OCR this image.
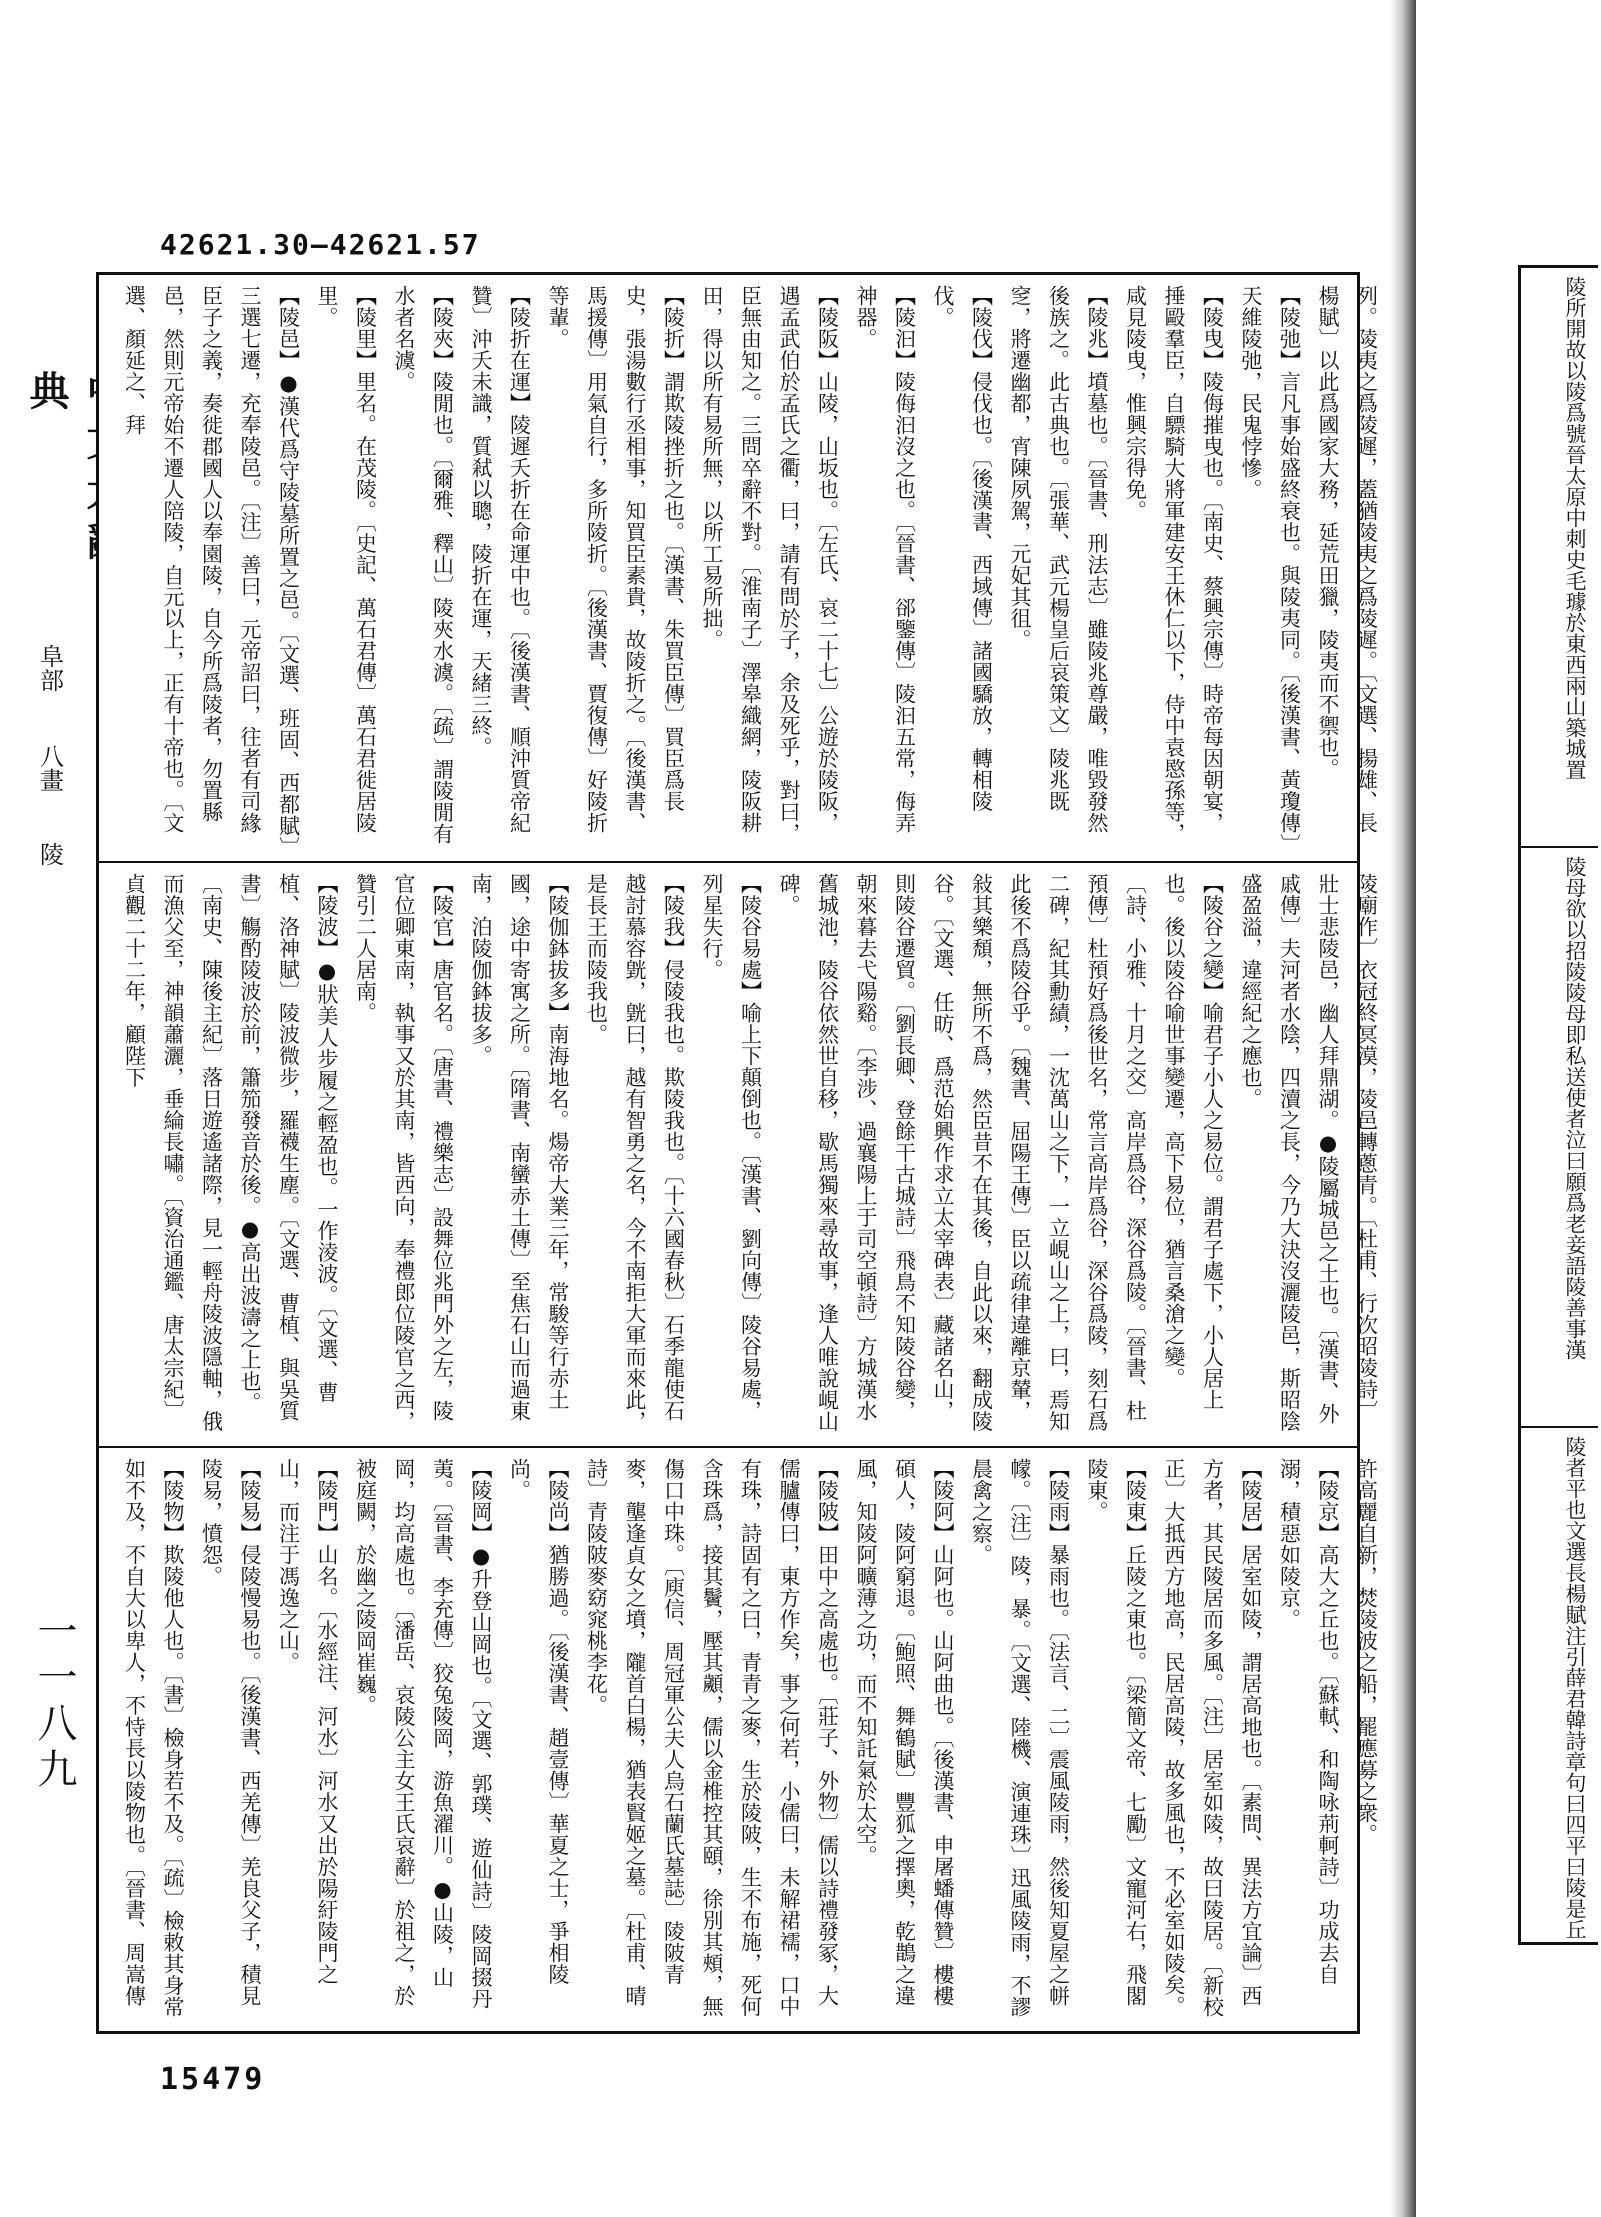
42621.30—42621.57
典
阜部
八畫
陵
一一八九
列。陵夷之爲陵遲，蓋猶陵夷之爲陵遲。〔文選、揚雄、長楊賦〕以此爲國家大務，延荒田獵，陵夷而不禦也。
【陵弛】言凡事始盛終衰也。與陵夷同。〔後漢書、黃瓊傳〕天維陵弛，民鬼悖慘。
【陵曳】陵侮摧曳也。〔南史、蔡興宗傳〕時帝每因朝宴，捶毆羣臣，自驃騎大將軍建安王休仁以下，侍中袁愍孫等，咸見陵曳，惟興宗得免。
【陵兆】墳墓也。〔晉書、刑法志〕雖陵兆尊嚴，唯毀發然後族之。此古典也。〔張華、武元楊皇后哀策文〕陵兆既窆，將遷幽都，宵陳夙駕，元妃其徂。
【陵伐】侵伐也。〔後漢書、西域傳〕諸國驕放，轉相陵伐。
【陵汩】陵侮汩沒之也。〔晉書、郤鑒傳〕陵汩五常，侮弄神器。
【陵阪】山陵，山坂也。〔左氏、哀二十七〕公遊於陵阪，遇孟武伯於孟氏之衢，曰，請有問於子，余及死乎，對曰，臣無由知之。三問卒辭不對。〔淮南子〕澤皋織網，陵阪耕田，得以所有易所無，以所工易所拙。
【陵折】謂欺陵挫折之也。〔漢書、朱買臣傳〕買臣爲長史，張湯數行丞相事，知買臣素貴，故陵折之。〔後漢書、馬援傳〕用氣自行，多所陵折。〔後漢書、賈復傳〕好陵折等輩。
【陵折在運】陵遲夭折在命運中也。〔後漢書、順沖質帝紀贊〕沖夭未識，質弒以聰，陵折在運，天緒三終。
【陵夾】陵閒也。〔爾雅、釋山〕陵夾水澞。〔疏〕謂陵閒有水者名澞。
【陵里】里名。在茂陵。〔史記、萬石君傳〕萬石君徙居陵里。
【陵邑】●漢代爲守陵墓所置之邑。〔文選、班固、西都賦〕三選七遷，充奉陵邑。〔注〕善曰，元帝詔曰，往者有司緣臣子之義，奏徙郡國人以奉園陵，自今所爲陵者，勿置縣邑，然則元帝始不遷人陪陵，自元以上，正有十帝也。〔文選、顏延之、拜
陵廟作〕衣冠終冥漠，陵邑轉蔥青。〔杜甫、行次昭陵詩〕壯士悲陵邑，幽人拜鼎湖。●陵屬城邑之土也。〔漢書、外戚傳〕夫河者水陰，四瀆之長，今乃大決沒灑陵邑，斯昭陰盛盈溢，違經紀之應也。
【陵谷之變】喻君子小人之易位。謂君子處下，小人居上也。後以陵谷喻世事變遷，高下易位，猶言桑滄之變。〔詩、小雅、十月之交〕高岸爲谷，深谷爲陵。〔晉書、杜預傳〕杜預好爲後世名，常言高岸爲谷，深谷爲陵，刻石爲二碑，紀其勳績，一沈萬山之下，一立峴山之上，曰，焉知此後不爲陵谷乎。〔魏書、屈陽王傳〕臣以疏律違離京輦，敍其樂頹，無所不爲，然臣昔不在其後，自此以來，翻成陵谷。〔文選、任昉、爲范始興作求立太宰碑表〕藏諸名山，則陵谷遷貿。〔劉長卿、登餘干古城詩〕飛鳥不知陵谷變，朝來暮去弋陽谿。〔李涉、過襄陽上于司空頓詩〕方城漢水舊城池，陵谷依然世自移，歇馬獨來尋故事，逢人唯說峴山碑。
【陵谷易處】喻上下顛倒也。〔漢書、劉向傳〕陵谷易處，列星失行。
【陵我】侵陵我也。欺陵我也。〔十六國春秋〕石季龍使石越討慕容皝，皝曰，越有智勇之名，今不南拒大軍而來此，是長王而陵我也。
【陵伽鉢拔多】南海地名。煬帝大業三年，常駿等行赤土國，途中寄寓之所。〔隋書、南蠻赤土傳〕至焦石山而過東南，泊陵伽鉢拔多。
【陵官】唐官名。〔唐書、禮樂志〕設舞位兆門外之左，陵官位卿東南，執事又於其南，皆西向，奉禮郎位陵官之西，贊引二人居南。
【陵波】●狀美人步履之輕盈也。一作淩波。〔文選、曹植、洛神賦〕陵波微步，羅襪生塵。〔文選、曹植、與吳質書〕觴酌陵波於前，簫笳發音於後。●高出波濤之上也。〔南史、陳後主紀〕落日遊遙諸際，見一輕舟陵波隱軸，俄而漁父至，神韻蕭灑，垂綸長嘯。〔資治通鑑、唐太宗紀〕貞觀二十二年，顧陛下
許高麗自新，焚陵波之船，罷應募之衆。
【陵京】高大之丘也。〔蘇軾、和陶咏荊軻詩〕功成去自溺，積惡如陵京。
【陵居】居室如陵，謂居高地也。〔素問、異法方宜論〕西方者，其民陵居而多風。〔注〕居室如陵，故曰陵居。〔新校正〕大抵西方地高，民居高陵，故多風也，不必室如陵矣。
【陵東】丘陵之東也。〔梁簡文帝、七勵〕文寵河右，飛閣陵東。
【陵雨】暴雨也。〔法言、二〕震風陵雨，然後知夏屋之帡幪。〔注〕陵，暴。〔文選、陸機、演連珠〕迅風陵雨，不謬晨禽之察。
【陵阿】山阿也。山阿曲也。〔後漢書、申屠蟠傳贊〕樓樓碩人，陵阿窮退。〔鮑照、舞鶴賦〕豐狐之擇奧，乾鵲之違風，知陵阿曠薄之功，而不知託氣於太空。
【陵陂】田中之高處也。〔莊子、外物〕儒以詩禮發冢，大儒臚傳曰，東方作矣，事之何若，小儒曰，未解裙襦，口中有珠，詩固有之曰，青青之麥，生於陵陂，生不布施，死何含珠爲，接其鬢，壓其顪，儒以金椎控其頤，徐別其頰，無傷口中珠。〔庾信、周冠軍公夫人烏石蘭氏墓誌〕陵陂青麥，壟逢貞女之墳，隴首白楊，猶表賢姬之墓。〔杜甫、晴詩〕青陵陂麥窈窕桃李花。
【陵尚】猶勝過。〔後漢書、趙壹傳〕華夏之士，爭相陵尚。
【陵岡】●升登山岡也。〔文選、郭璞、遊仙詩〕陵岡掇丹荑。〔晉書、李充傳〕狡兔陵岡，游魚濯川。●山陵，山岡，均高處也。〔潘岳、哀陵公主女王氏哀辭〕於祖之，於被庭闕，於幽之陵岡崔巍。
【陵門】山名。〔水經注、河水〕河水又出於陽紆陵門之山，而注于馮逸之山。
【陵易】侵陵慢易也。〔後漢書、西羌傳〕羌良父子，積見陵易，憤怨。
【陵物】欺陵他人也。〔書〕檢身若不及。〔疏〕檢敕其身常如不及，不自大以卑人，不恃長以陵物也。〔晉書、周嵩傳
15479
陵所開故以陵爲號晉太原中刺史毛璩於東西兩山築城置
陵母欲以招陵陵母即私送使者泣曰願爲老妾語陵善事漢
陵者平也文選長楊賦注引薛君韓詩章句曰四平曰陵是丘
